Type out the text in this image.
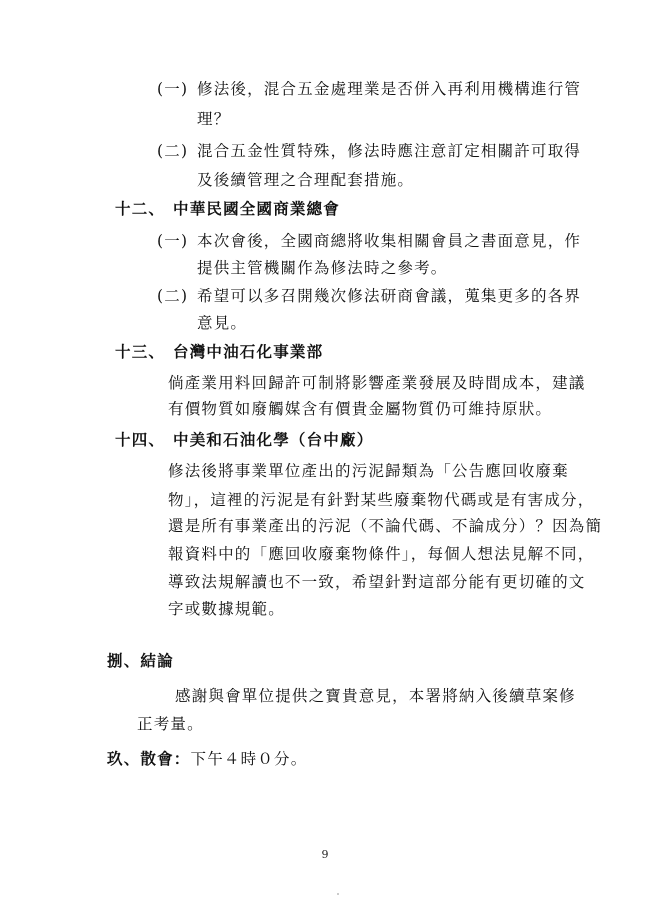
(一) 修法後，混合五金處理業是否併入再利用機構進行管
理？
(二) 混合五金性質特殊，修法時應注意訂定相關許可取得
及後續管理之合理配套措施。
十二、 中華民國全國商業總會
(一) 本次會後，全國商總將收集相關會員之書面意見，作
提供主管機關作為修法時之參考。
(二) 希望可以多召開幾次修法研商會議，蒐集更多的各界
意見。
十三、 台灣中油石化事業部
倘產業用料回歸許可制將影響產業發展及時間成本，建議
有價物質如廢觸媒含有價貴金屬物質仍可維持原狀。
十四、 中美和石油化學（台中廠）
修法後將事業單位產出的污泥歸類為「公告應回收廢棄
物」，這裡的污泥是有針對某些廢棄物代碼或是有害成分，
還是所有事業產出的污泥（不論代碼、不論成分）？因為簡
報資料中的「應回收廢棄物條件」，每個人想法見解不同，
導致法規解讀也不一致，希望針對這部分能有更切確的文
字或數據規範。
捌、結論
感謝與會單位提供之寶貴意見，本署將納入後續草案修
正考量。
玖、散會：下午４時０分。
9
